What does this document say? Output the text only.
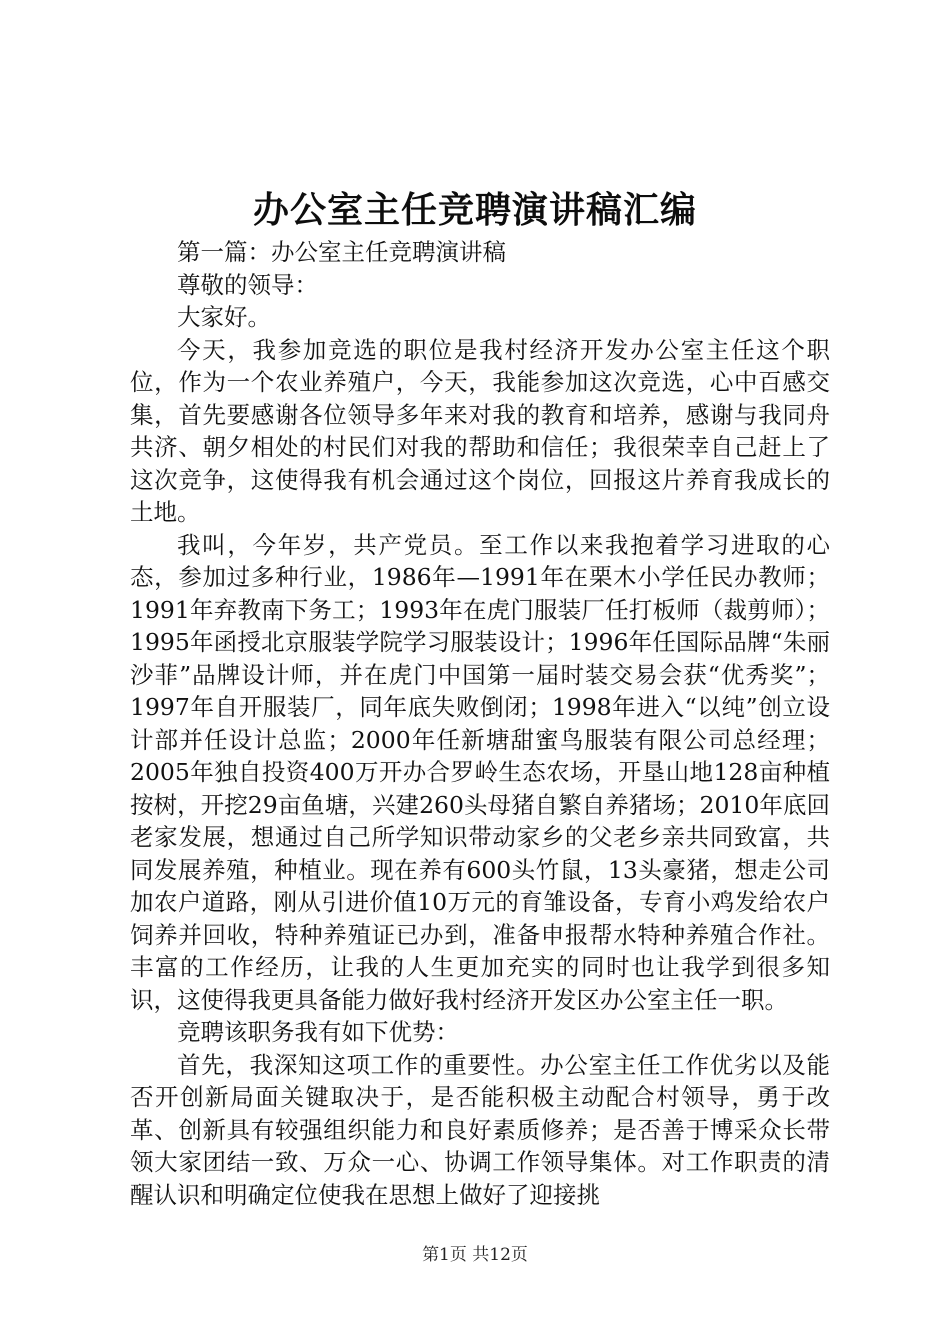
办公室主任竞聘演讲稿汇编

第一篇：办公室主任竞聘演讲稿

尊敬的领导：

大家好。

今天，我参加竞选的职位是我村经济开发办公室主任这个职位，作为一个农业养殖户，今天，我能参加这次竞选，心中百感交集，首先要感谢各位领导多年来对我的教育和培养，感谢与我同舟共济、朝夕相处的村民们对我的帮助和信任；我很荣幸自己赶上了这次竞争，这使得我有机会通过这个岗位，回报这片养育我成长的土地。

我叫，今年岁，共产党员。至工作以来我抱着学习进取的心态，参加过多种行业，1986年—1991年在栗木小学任民办教师；1991年弃教南下务工；1993年在虎门服装厂任打板师（裁剪师）；1995年函授北京服装学院学习服装设计；1996年任国际品牌“朱丽沙菲”品牌设计师，并在虎门中国第一届时装交易会获“优秀奖”；1997年自开服装厂，同年底失败倒闭；1998年进入“以纯”创立设计部并任设计总监；2000年任新塘甜蜜鸟服装有限公司总经理；2005年独自投资400万开办合罗岭生态农场，开垦山地128亩种植按树，开挖29亩鱼塘，兴建260头母猪自繁自养猪场；2010年底回老家发展，想通过自己所学知识带动家乡的父老乡亲共同致富，共同发展养殖，种植业。现在养有600头竹鼠，13头豪猪，想走公司加农户道路，刚从引进价值10万元的育雏设备，专育小鸡发给农户饲养并回收，特种养殖证已办到，准备申报帮水特种养殖合作社。丰富的工作经历，让我的人生更加充实的同时也让我学到很多知识，这使得我更具备能力做好我村经济开发区办公室主任一职。

竞聘该职务我有如下优势：

首先，我深知这项工作的重要性。办公室主任工作优劣以及能否开创新局面关键取决于，是否能积极主动配合村领导，勇于改革、创新具有较强组织能力和良好素质修养；是否善于博采众长带领大家团结一致、万众一心、协调工作领导集体。对工作职责的清醒认识和明确定位使我在思想上做好了迎接挑

第1页 共12页
